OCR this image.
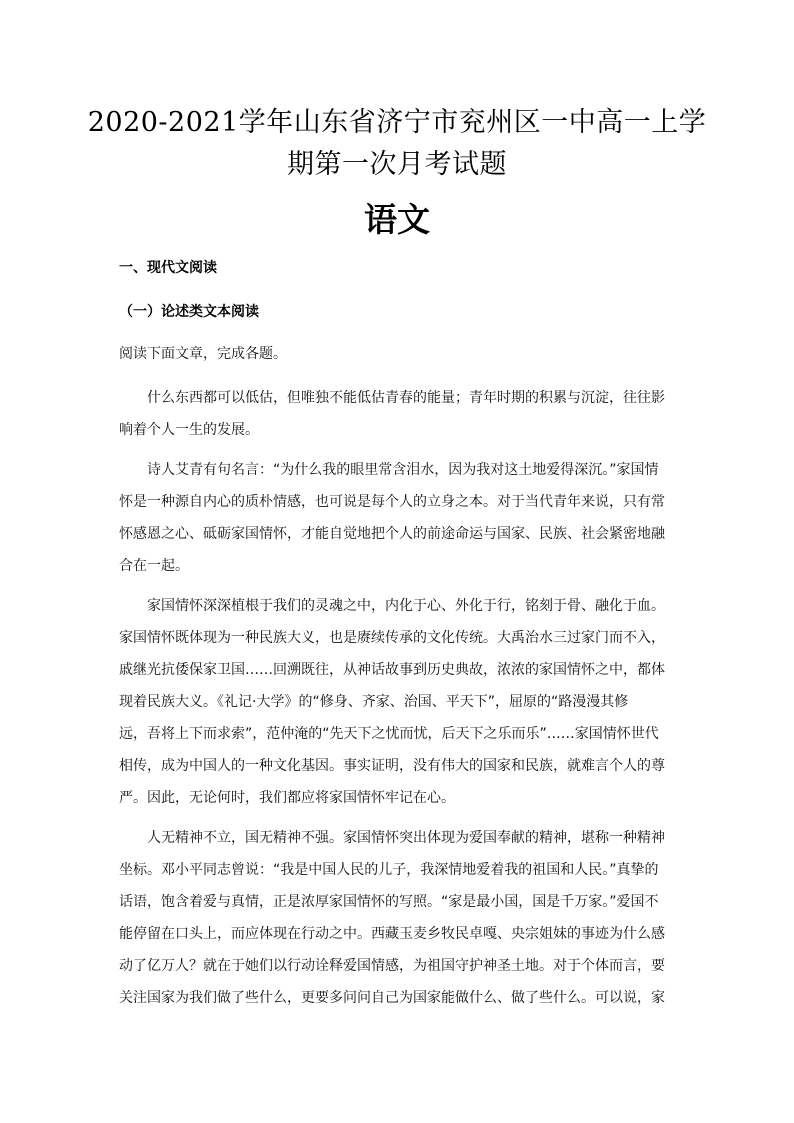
2020-2021学年山东省济宁市兖州区一中高一上学
期第一次月考试题
语文
一、现代文阅读
（一）论述类文本阅读
阅读下面文章，完成各题。
什么东西都可以低估，但唯独不能低估青春的能量；青年时期的积累与沉淀，往往影
响着个人一生的发展。
诗人艾青有句名言：“为什么我的眼里常含泪水，因为我对这土地爱得深沉。”家国情
怀是一种源自内心的质朴情感，也可说是每个人的立身之本。对于当代青年来说，只有常
怀感恩之心、砥砺家国情怀，才能自觉地把个人的前途命运与国家、民族、社会紧密地融
合在一起。
家国情怀深深植根于我们的灵魂之中，内化于心、外化于行，铭刻于骨、融化于血。
家国情怀既体现为一种民族大义，也是赓续传承的文化传统。大禹治水三过家门而不入，
戚继光抗倭保家卫国……回溯既往，从神话故事到历史典故，浓浓的家国情怀之中，都体
现着民族大义。《礼记·大学》的“修身、齐家、治国、平天下”，屈原的“路漫漫其修
远，吾将上下而求索”，范仲淹的“先天下之忧而忧，后天下之乐而乐”……家国情怀世代
相传，成为中国人的一种文化基因。事实证明，没有伟大的国家和民族，就难言个人的尊
严。因此，无论何时，我们都应将家国情怀牢记在心。
人无精神不立，国无精神不强。家国情怀突出体现为爱国奉献的精神，堪称一种精神
坐标。邓小平同志曾说：“我是中国人民的儿子，我深情地爱着我的祖国和人民。”真挚的
话语，饱含着爱与真情，正是浓厚家国情怀的写照。“家是最小国，国是千万家。”爱国不
能停留在口头上，而应体现在行动之中。西藏玉麦乡牧民卓嘎、央宗姐妹的事迹为什么感
动了亿万人？就在于她们以行动诠释爱国情感，为祖国守护神圣土地。对于个体而言，要
关注国家为我们做了些什么，更要多问问自己为国家能做什么、做了些什么。可以说，家
